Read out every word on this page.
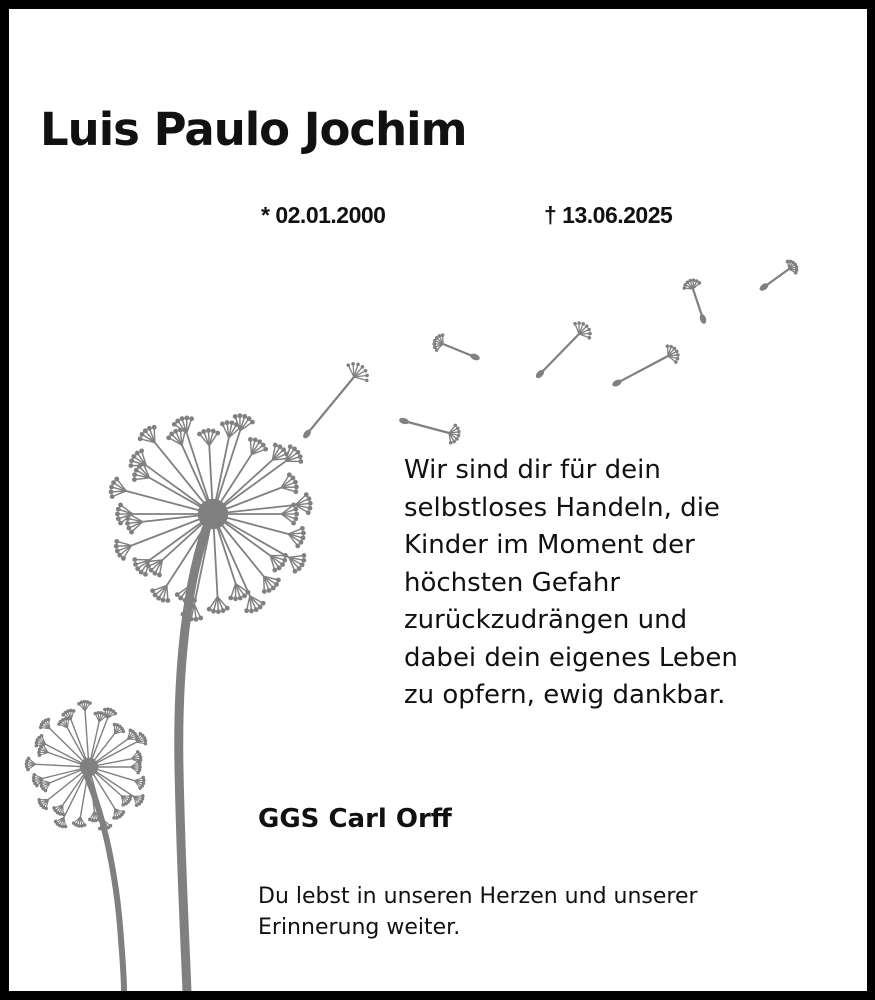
Luis Paulo Jochim
* 02.01.2000	† 13.06.2025
Wir sind dir für dein
selbstloses Handeln, die
Kinder im Moment der
höchsten Gefahr
zurückzudrängen und
dabei dein eigenes Leben
zu opfern, ewig dankbar.
GGS Carl Orff
Du lebst in unseren Herzen und unserer
Erinnerung weiter.
